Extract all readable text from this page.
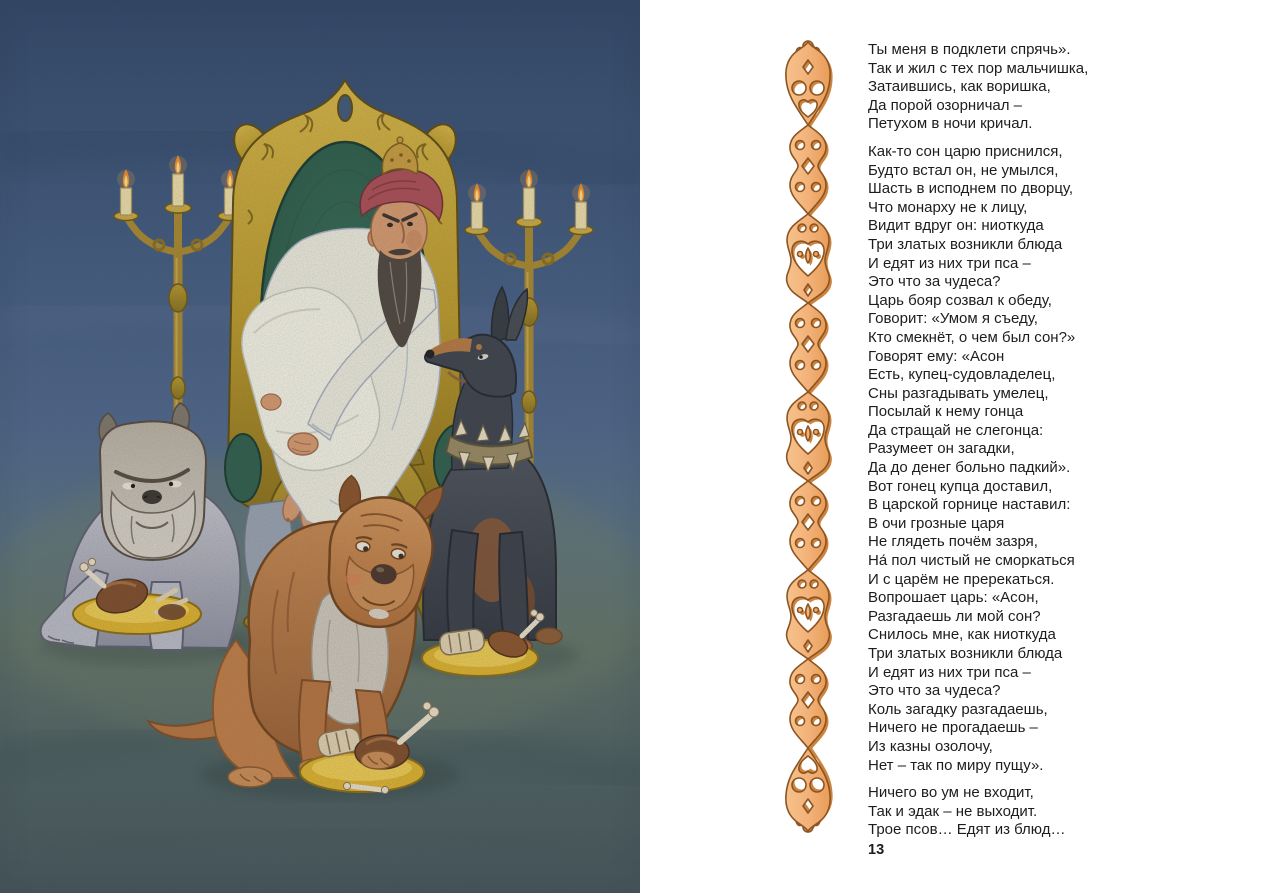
Ты меня в подклети спрячь».
Так и жил с тех пор мальчишка,
Затаившись, как воришка,
Да порой озорничал –
Петухом в ночи кричал.
Как-то сон царю приснился,
Будто встал он, не умылся,
Шасть в исподнем по дворцу,
Что монарху не к лицу,
Видит вдруг он: ниоткуда
Три златых возникли блюда
И едят из них три пса –
Это что за чудеса?
Царь бояр созвал к обеду,
Говорит: «Умом я съеду,
Кто смекнёт, о чем был сон?»
Говорят ему: «Асон
Есть, купец-судовладелец,
Сны разгадывать умелец,
Посылай к нему гонца
Да стращай не слегонца:
Разумеет он загадки,
Да до денег больно падкий».
Вот гонец купца доставил,
В царской горнице наставил:
В очи грозные царя
Не глядеть почём зазря,
На́ пол чистый не сморкаться
И с царём не пререкаться.
Вопрошает царь: «Асон,
Разгадаешь ли мой сон?
Снилось мне, как ниоткуда
Три златых возникли блюда
И едят из них три пса –
Это что за чудеса?
Коль загадку разгадаешь,
Ничего не прогадаешь –
Из казны озолочу,
Нет – так по миру пущу».
Ничего во ум не входит,
Так и эдак – не выходит.
Трое псов… Едят из блюд…
13
